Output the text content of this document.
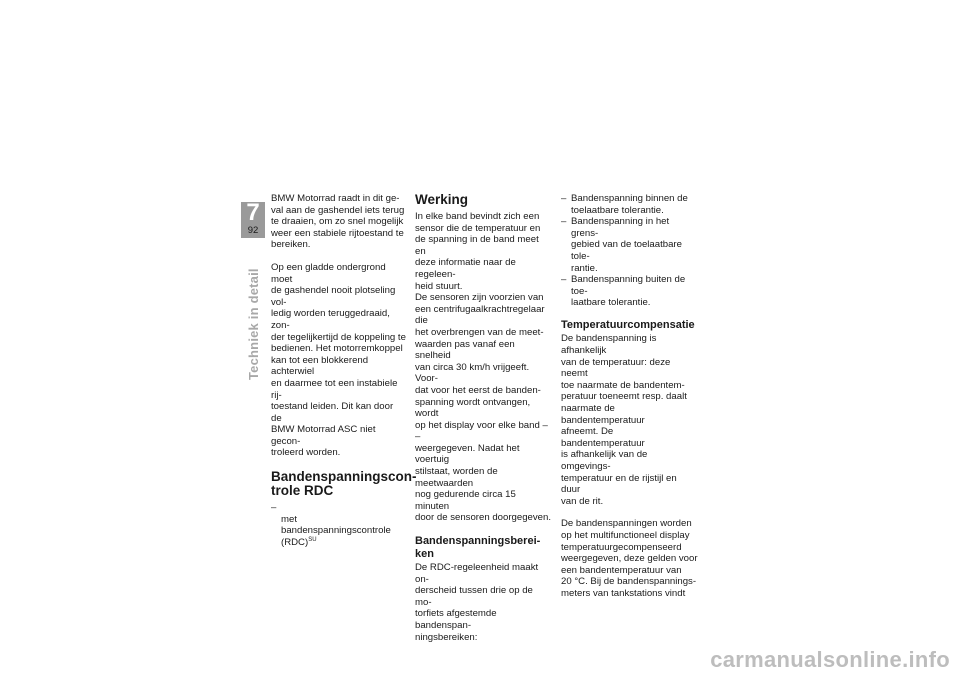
7
92
Techniek in detail

BMW Motorrad raadt in dit ge-
val aan de gashendel iets terug
te draaien, om zo snel mogelijk
weer een stabiele rijtoestand te
bereiken.

Op een gladde ondergrond moet
de gashendel nooit plotseling vol-
ledig worden teruggedraaid, zon-
der tegelijkertijd de koppeling te
bedienen. Het motorremkoppel
kan tot een blokkerend achterwiel
en daarmee tot een instabiele rij-
toestand leiden. Dit kan door de
BMW Motorrad ASC niet gecon-
troleerd worden.

Bandenspanningscon-
trole RDC

–
met bandenspanningscontrole
(RDC)$^{SU}$

Werking

In elke band bevindt zich een
sensor die de temperatuur en
de spanning in de band meet en
deze informatie naar de regeleen-
heid stuurt.

De sensoren zijn voorzien van
een centrifugaalkrachtregelaar die
het overbrengen van de meet-
waarden pas vanaf een snelheid
van circa 30 km/h vrijgeeft. Voor-
dat voor het eerst de banden-
spanning wordt ontvangen, wordt
op het display voor elke band – –
weergegeven. Nadat het voertuig
stilstaat, worden de meetwaarden
nog gedurende circa 15 minuten
door de sensoren doorgegeven.

Bandenspanningsberei-
ken

De RDC-regeleenheid maakt on-
derscheid tussen drie op de mo-
torfiets afgestemde bandenspan-
ningsbereiken:

– Bandenspanning binnen de
toelaatbare tolerantie.
– Bandenspanning in het grens-
gebied van de toelaatbare tole-
rantie.
– Bandenspanning buiten de toe-
laatbare tolerantie.
Temperatuurcompensatie

De bandenspanning is afhankelijk
van de temperatuur: deze neemt
toe naarmate de bandentem-
peratuur toeneemt resp. daalt
naarmate de bandentemperatuur
afneemt. De bandentemperatuur
is afhankelijk van de omgevings-
temperatuur en de rijstijl en duur
van de rit.

De bandenspanningen worden
op het multifunctioneel display
temperatuurgecompenseerd
weergegeven, deze gelden voor
een bandentemperatuur van
20 °C. Bij de bandenspannings-
meters van tankstations vindt

carmanualsonline.info
